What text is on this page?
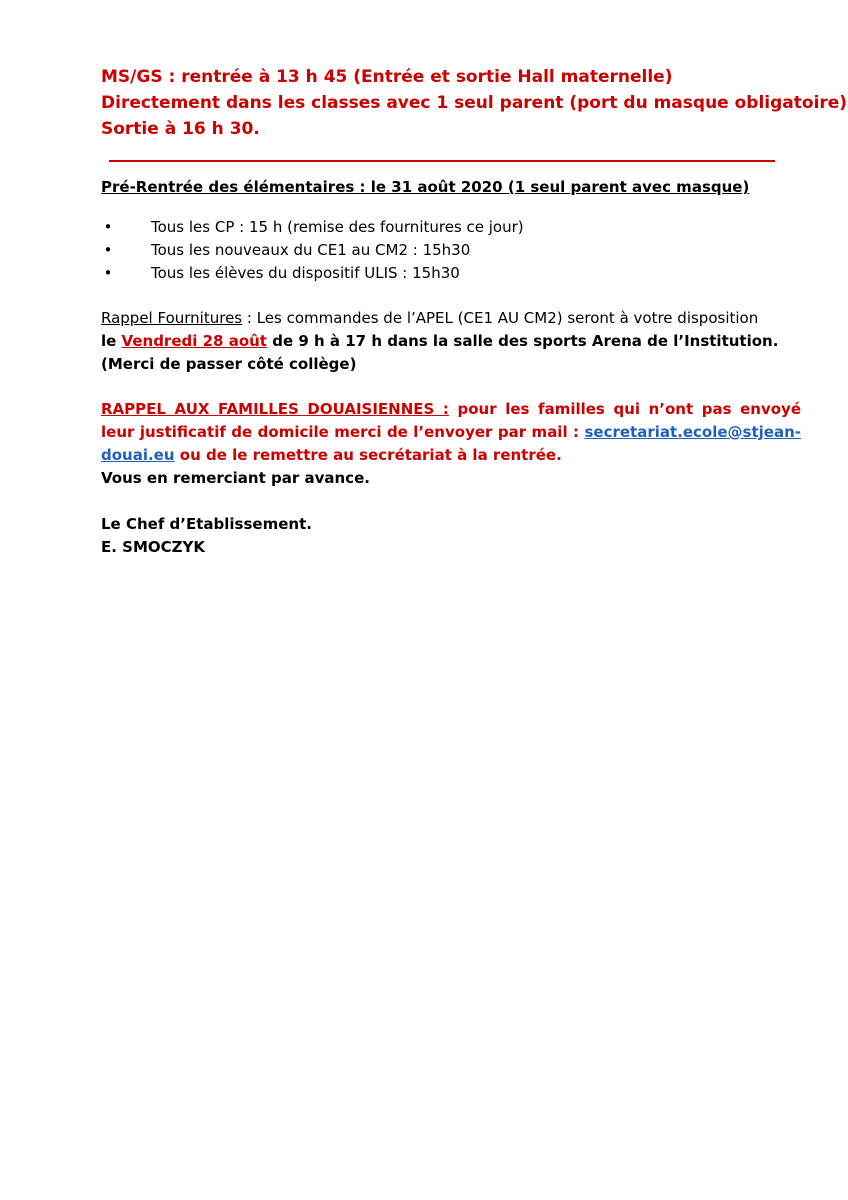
MS/GS : rentrée à 13 h 45 (Entrée et sortie Hall maternelle)
Directement dans les classes avec 1 seul parent (port du masque obligatoire)
Sortie à 16 h 30.
Pré-Rentrée des élémentaires : le 31 août 2020 (1 seul parent avec masque)
•	Tous les CP : 15 h (remise des fournitures ce jour)
•	Tous les nouveaux du CE1 au CM2 : 15h30
•	Tous les élèves du dispositif ULIS : 15h30
Rappel Fournitures : Les commandes de l’APEL (CE1 AU CM2) seront à votre disposition
le Vendredi 28 août de 9 h à 17 h dans la salle des sports Arena de l’Institution.
(Merci de passer côté collège)
RAPPEL AUX FAMILLES DOUAISIENNES : pour les familles qui n’ont pas envoyé
leur justificatif de domicile merci de l’envoyer par mail : secretariat.ecole@stjean-
douai.eu ou de le remettre au secrétariat à la rentrée.
Vous en remerciant par avance.
Le Chef d’Etablissement.
E. SMOCZYK
